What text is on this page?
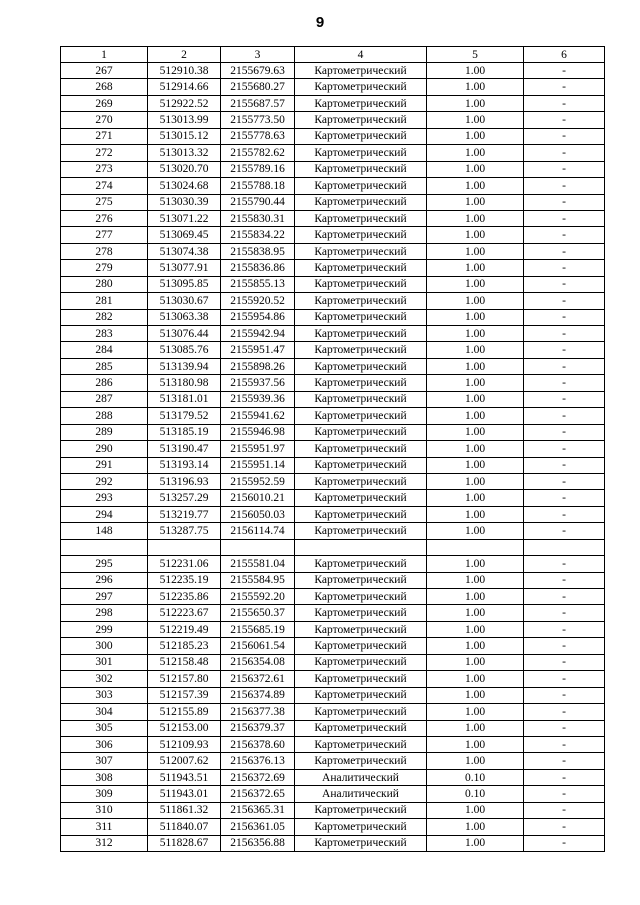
9
1	2	3	4	5	6
267	512910.38	2155679.63	Картометрический	1.00	-
268	512914.66	2155680.27	Картометрический	1.00	-
269	512922.52	2155687.57	Картометрический	1.00	-
270	513013.99	2155773.50	Картометрический	1.00	-
271	513015.12	2155778.63	Картометрический	1.00	-
272	513013.32	2155782.62	Картометрический	1.00	-
273	513020.70	2155789.16	Картометрический	1.00	-
274	513024.68	2155788.18	Картометрический	1.00	-
275	513030.39	2155790.44	Картометрический	1.00	-
276	513071.22	2155830.31	Картометрический	1.00	-
277	513069.45	2155834.22	Картометрический	1.00	-
278	513074.38	2155838.95	Картометрический	1.00	-
279	513077.91	2155836.86	Картометрический	1.00	-
280	513095.85	2155855.13	Картометрический	1.00	-
281	513030.67	2155920.52	Картометрический	1.00	-
282	513063.38	2155954.86	Картометрический	1.00	-
283	513076.44	2155942.94	Картометрический	1.00	-
284	513085.76	2155951.47	Картометрический	1.00	-
285	513139.94	2155898.26	Картометрический	1.00	-
286	513180.98	2155937.56	Картометрический	1.00	-
287	513181.01	2155939.36	Картометрический	1.00	-
288	513179.52	2155941.62	Картометрический	1.00	-
289	513185.19	2155946.98	Картометрический	1.00	-
290	513190.47	2155951.97	Картометрический	1.00	-
291	513193.14	2155951.14	Картометрический	1.00	-
292	513196.93	2155952.59	Картометрический	1.00	-
293	513257.29	2156010.21	Картометрический	1.00	-
294	513219.77	2156050.03	Картометрический	1.00	-
148	513287.75	2156114.74	Картометрический	1.00	-

295	512231.06	2155581.04	Картометрический	1.00	-
296	512235.19	2155584.95	Картометрический	1.00	-
297	512235.86	2155592.20	Картометрический	1.00	-
298	512223.67	2155650.37	Картометрический	1.00	-
299	512219.49	2155685.19	Картометрический	1.00	-
300	512185.23	2156061.54	Картометрический	1.00	-
301	512158.48	2156354.08	Картометрический	1.00	-
302	512157.80	2156372.61	Картометрический	1.00	-
303	512157.39	2156374.89	Картометрический	1.00	-
304	512155.89	2156377.38	Картометрический	1.00	-
305	512153.00	2156379.37	Картометрический	1.00	-
306	512109.93	2156378.60	Картометрический	1.00	-
307	512007.62	2156376.13	Картометрический	1.00	-
308	511943.51	2156372.69	Аналитический	0.10	-
309	511943.01	2156372.65	Аналитический	0.10	-
310	511861.32	2156365.31	Картометрический	1.00	-
311	511840.07	2156361.05	Картометрический	1.00	-
312	511828.67	2156356.88	Картометрический	1.00	-
